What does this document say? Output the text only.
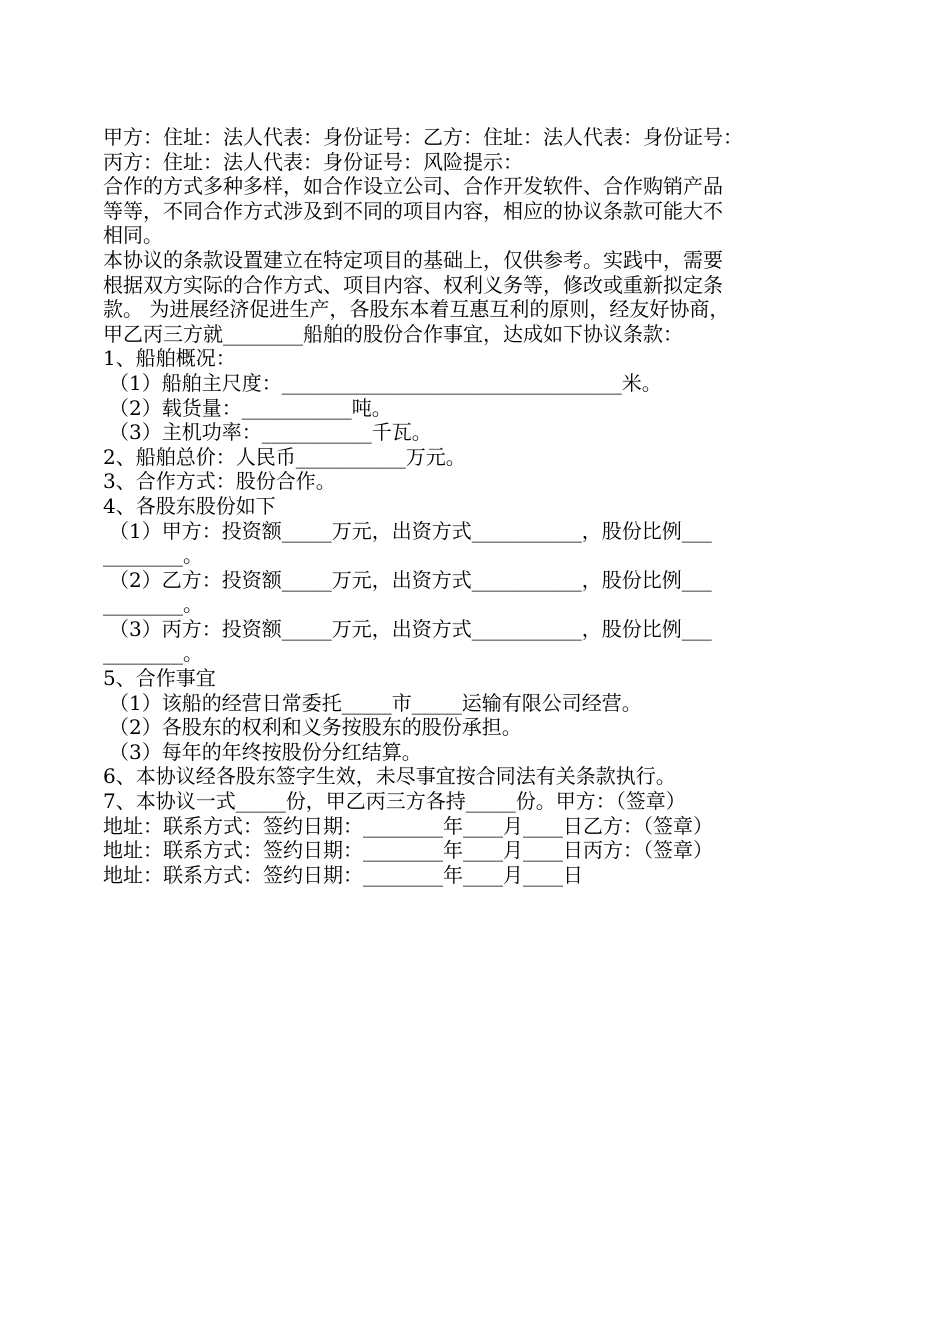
甲方：住址：法人代表：身份证号：乙方：住址：法人代表：身份证号：
丙方：住址：法人代表：身份证号：风险提示：
合作的方式多种多样，如合作设立公司、合作开发软件、合作购销产品
等等，不同合作方式涉及到不同的项目内容，相应的协议条款可能大不
相同。
本协议的条款设置建立在特定项目的基础上，仅供参考。实践中，需要
根据双方实际的合作方式、项目内容、权利义务等，修改或重新拟定条
款。 为进展经济促进生产，各股东本着互惠互利的原则，经友好协商，
甲乙丙三方就________船舶的股份合作事宜，达成如下协议条款：
1、船舶概况：
（1）船舶主尺度：__________________________________米。
（2）载货量：___________吨。
（3）主机功率：___________千瓦。
2、船舶总价：人民币___________万元。
3、合作方式：股份合作。
4、各股东股份如下
（1）甲方：投资额_____万元，出资方式___________，股份比例___
________。
（2）乙方：投资额_____万元，出资方式___________，股份比例___
________。
（3）丙方：投资额_____万元，出资方式___________，股份比例___
________。
5、合作事宜
（1）该船的经营日常委托_____市_____运输有限公司经营。
（2）各股东的权利和义务按股东的股份承担。
（3）每年的年终按股份分红结算。
6、本协议经各股东签字生效，未尽事宜按合同法有关条款执行。
7、本协议一式_____份，甲乙丙三方各持_____份。甲方：（签章）
地址：联系方式：签约日期：________年____月____日乙方：（签章）
地址：联系方式：签约日期：________年____月____日丙方：（签章）
地址：联系方式：签约日期：________年____月____日
